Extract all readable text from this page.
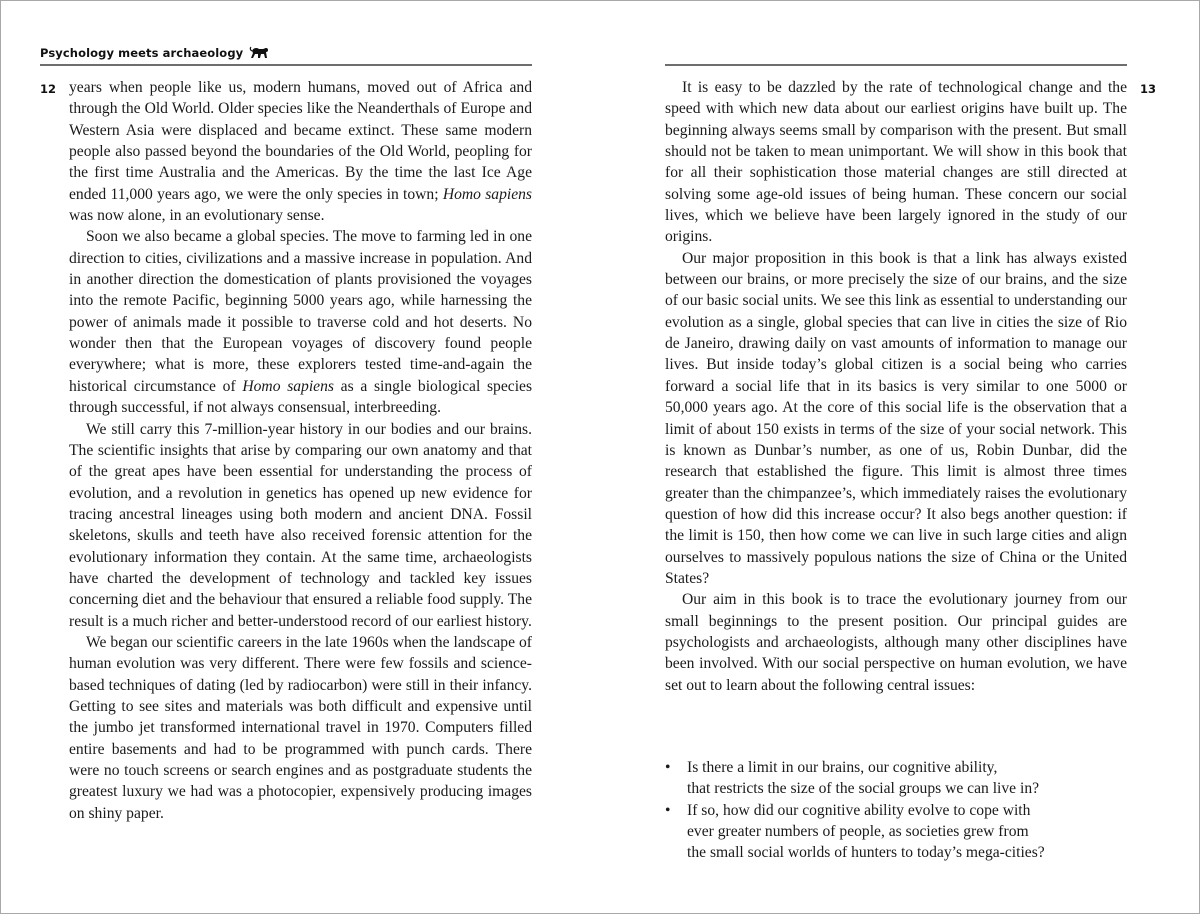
Psychology meets archaeology
12 years when people like us, modern humans, moved out of Africa and through the Old World. Older species like the Neanderthals of Europe and Western Asia were displaced and became extinct. These same modern people also passed beyond the boundaries of the Old World, peopling for the first time Australia and the Americas. By the time the last Ice Age ended 11,000 years ago, we were the only species in town; Homo sapiens was now alone, in an evolutionary sense.

Soon we also became a global species. The move to farming led in one direction to cities, civilizations and a massive increase in population. And in another direction the domestication of plants provisioned the voyages into the remote Pacific, beginning 5000 years ago, while harnessing the power of animals made it possible to traverse cold and hot deserts. No wonder then that the European voyages of discovery found people everywhere; what is more, these explorers tested time-and-again the historical circumstance of Homo sapiens as a single biological species through successful, if not always consensual, interbreeding.

We still carry this 7-million-year history in our bodies and our brains. The scientific insights that arise by comparing our own anatomy and that of the great apes have been essential for understanding the process of evolution, and a revolution in genetics has opened up new evidence for tracing ancestral lineages using both modern and ancient DNA. Fossil skeletons, skulls and teeth have also received forensic attention for the evolutionary information they contain. At the same time, archaeologists have charted the development of technology and tackled key issues concerning diet and the behaviour that ensured a reliable food supply. The result is a much richer and better-understood record of our earliest history.

We began our scientific careers in the late 1960s when the landscape of human evolution was very different. There were few fossils and science-based techniques of dating (led by radiocarbon) were still in their infancy. Getting to see sites and materials was both difficult and expensive until the jumbo jet transformed international travel in 1970. Computers filled entire basements and had to be programmed with punch cards. There were no touch screens or search engines and as postgraduate students the greatest luxury we had was a photocopier, expensively producing images on shiny paper.

13

It is easy to be dazzled by the rate of technological change and the speed with which new data about our earliest origins have built up. The beginning always seems small by comparison with the present. But small should not be taken to mean unimportant. We will show in this book that for all their sophistication those material changes are still directed at solving some age-old issues of being human. These concern our social lives, which we believe have been largely ignored in the study of our origins.

Our major proposition in this book is that a link has always existed between our brains, or more precisely the size of our brains, and the size of our basic social units. We see this link as essential to understanding our evolution as a single, global species that can live in cities the size of Rio de Janeiro, drawing daily on vast amounts of information to manage our lives. But inside today’s global citizen is a social being who carries forward a social life that in its basics is very similar to one 5000 or 50,000 years ago. At the core of this social life is the observation that a limit of about 150 exists in terms of the size of your social network. This is known as Dunbar’s number, as one of us, Robin Dunbar, did the research that established the figure. This limit is almost three times greater than the chimpanzee’s, which immediately raises the evolutionary question of how did this increase occur? It also begs another question: if the limit is 150, then how come we can live in such large cities and align ourselves to massively populous nations the size of China or the United States?

Our aim in this book is to trace the evolutionary journey from our small beginnings to the present position. Our principal guides are psychologists and archaeologists, although many other disciplines have been involved. With our social perspective on human evolution, we have set out to learn about the following central issues:

•	Is there a limit in our brains, our cognitive ability,
that restricts the size of the social groups we can live in?
•	If so, how did our cognitive ability evolve to cope with
ever greater numbers of people, as societies grew from
the small social worlds of hunters to today’s mega-cities?
